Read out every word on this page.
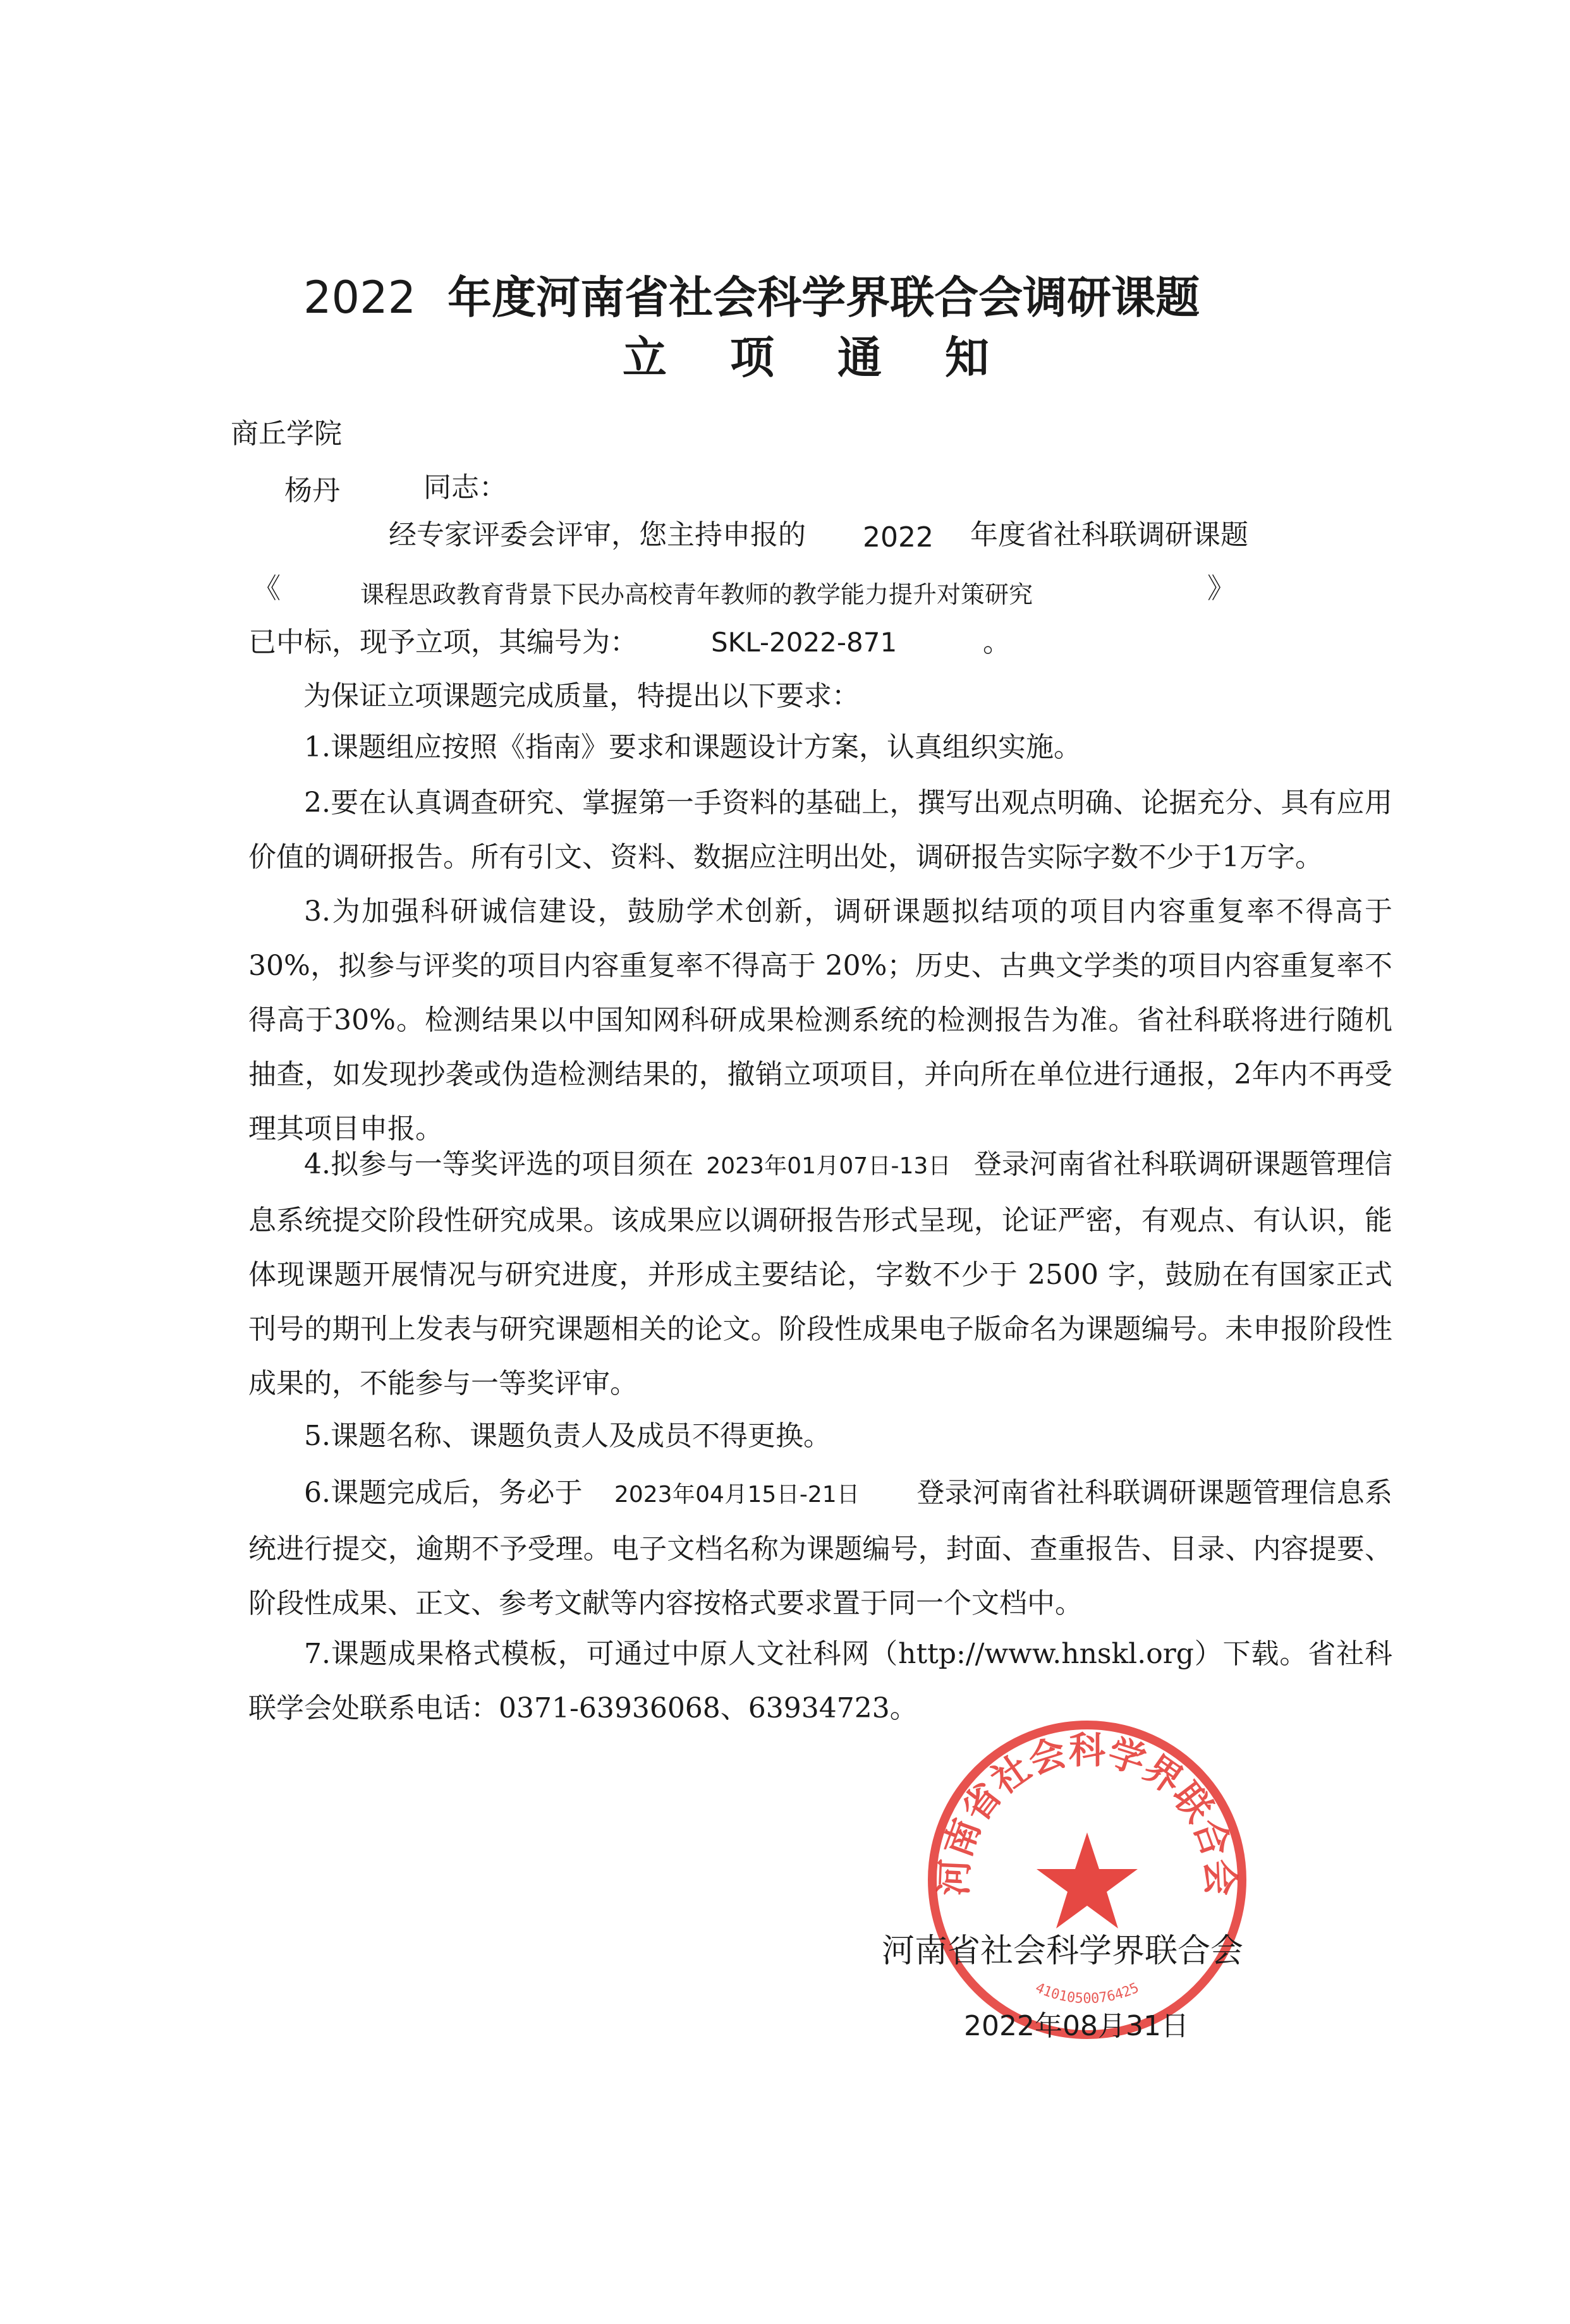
2022 年度河南省社会科学界联合会调研课题
立项通知
商丘学院
杨丹	同志：
经专家评委会评审，您主持申报的 2022 年度省社科联调研课题
《	课程思政教育背景下民办高校青年教师的教学能力提升对策研究	》
已中标，现予立项，其编号为：	SKL-2022-871	。
为保证立项课题完成质量，特提出以下要求：
1.课题组应按照《指南》要求和课题设计方案，认真组织实施。
2.要在认真调查研究、掌握第一手资料的基础上，撰写出观点明确、论据充分、具有应用价值的调研报告。所有引文、资料、数据应注明出处，调研报告实际字数不少于1万字。
3.为加强科研诚信建设，鼓励学术创新，调研课题拟结项的项目内容重复率不得高于 30%，拟参与评奖的项目内容重复率不得高于 20%；历史、古典文学类的项目内容重复率不得高于30%。检测结果以中国知网科研成果检测系统的检测报告为准。省社科联将进行随机抽查，如发现抄袭或伪造检测结果的，撤销立项项目，并向所在单位进行通报，2年内不再受理其项目申报。
4.拟参与一等奖评选的项目须在 2023年01月07日-13日 登录河南省社科联调研课题管理信息系统提交阶段性研究成果。该成果应以调研报告形式呈现，论证严密，有观点、有认识，能体现课题开展情况与研究进度，并形成主要结论，字数不少于 2500 字，鼓励在有国家正式刊号的期刊上发表与研究课题相关的论文。阶段性成果电子版命名为课题编号。未申报阶段性成果的，不能参与一等奖评审。
5.课题名称、课题负责人及成员不得更换。
6.课题完成后，务必于 2023年04月15日-21日 登录河南省社科联调研课题管理信息系统进行提交，逾期不予受理。电子文档名称为课题编号，封面、查重报告、目录、内容提要、阶段性成果、正文、参考文献等内容按格式要求置于同一个文档中。
7.课题成果格式模板，可通过中原人文社科网（http://www.hnskl.org）下载。省社科联学会处联系电话：0371-63936068、63934723。
河南省社会科学界联合会
4101050076425
河南省社会科学界联合会
2022年08月31日
